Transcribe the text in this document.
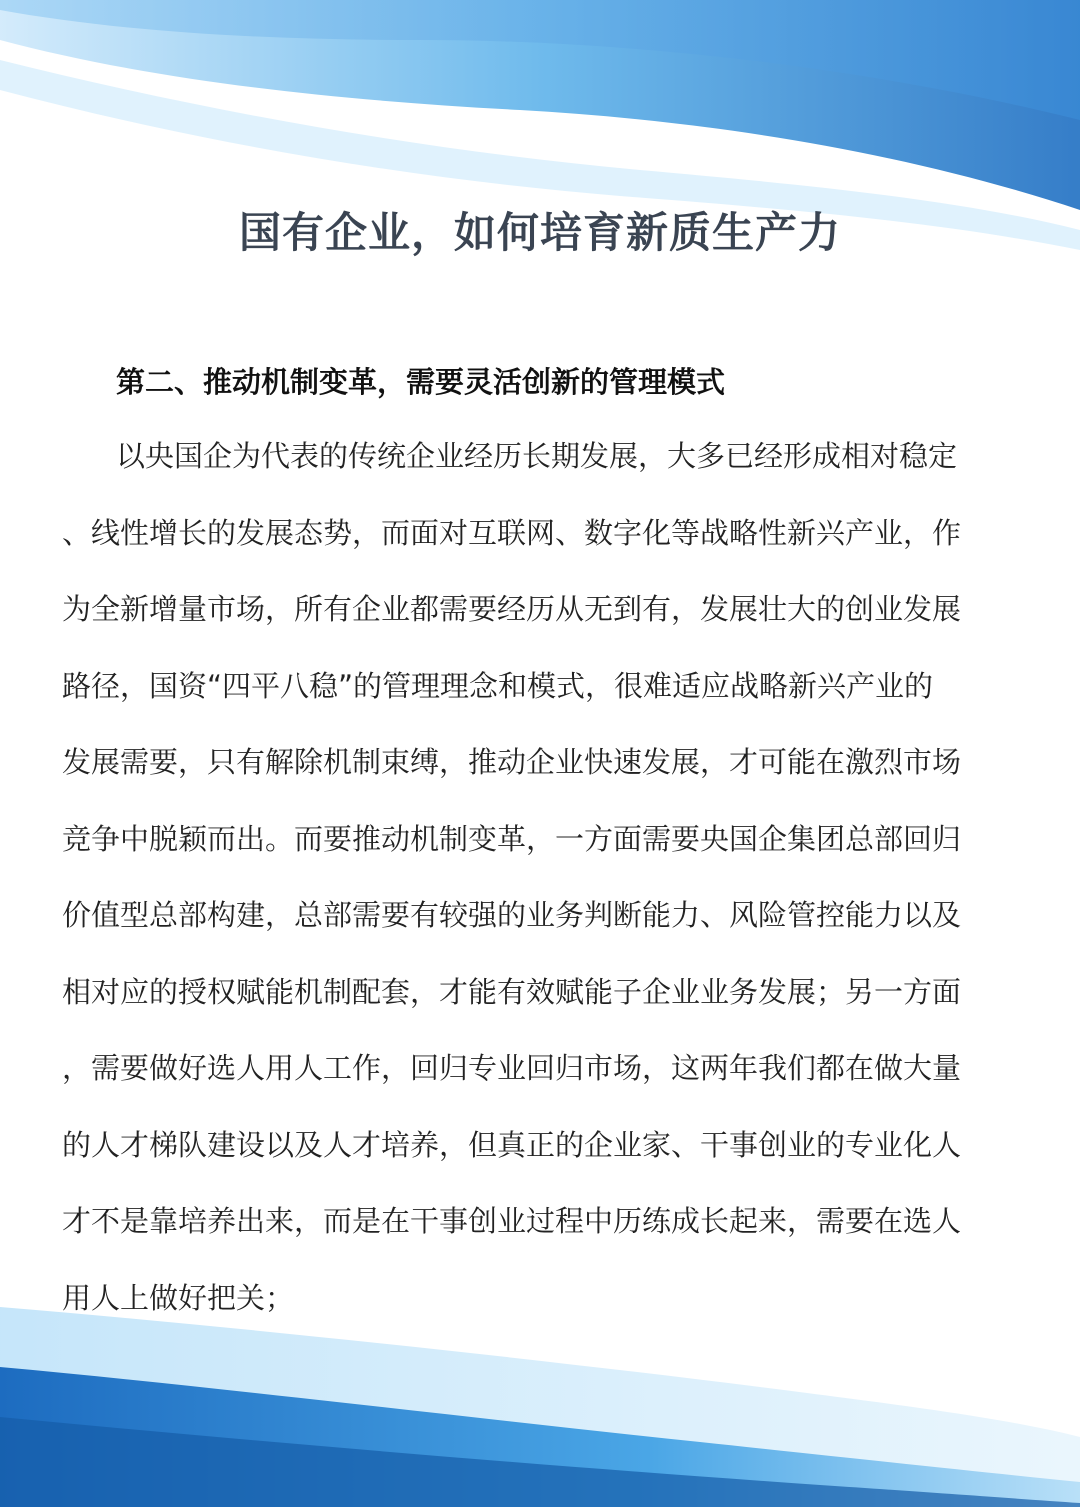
国有企业，如何培育新质生产力
第二、推动机制变革，需要灵活创新的管理模式
以央国企为代表的传统企业经历长期发展，大多已经形成相对稳定
、线性增长的发展态势，而面对互联网、数字化等战略性新兴产业，作
为全新增量市场，所有企业都需要经历从无到有，发展壮大的创业发展
路径，国资“四平八稳”的管理理念和模式，很难适应战略新兴产业的
发展需要，只有解除机制束缚，推动企业快速发展，才可能在激烈市场
竞争中脱颖而出。而要推动机制变革，一方面需要央国企集团总部回归
价值型总部构建，总部需要有较强的业务判断能力、风险管控能力以及
相对应的授权赋能机制配套，才能有效赋能子企业业务发展；另一方面
，需要做好选人用人工作，回归专业回归市场，这两年我们都在做大量
的人才梯队建设以及人才培养，但真正的企业家、干事创业的专业化人
才不是靠培养出来，而是在干事创业过程中历练成长起来，需要在选人
用人上做好把关；
